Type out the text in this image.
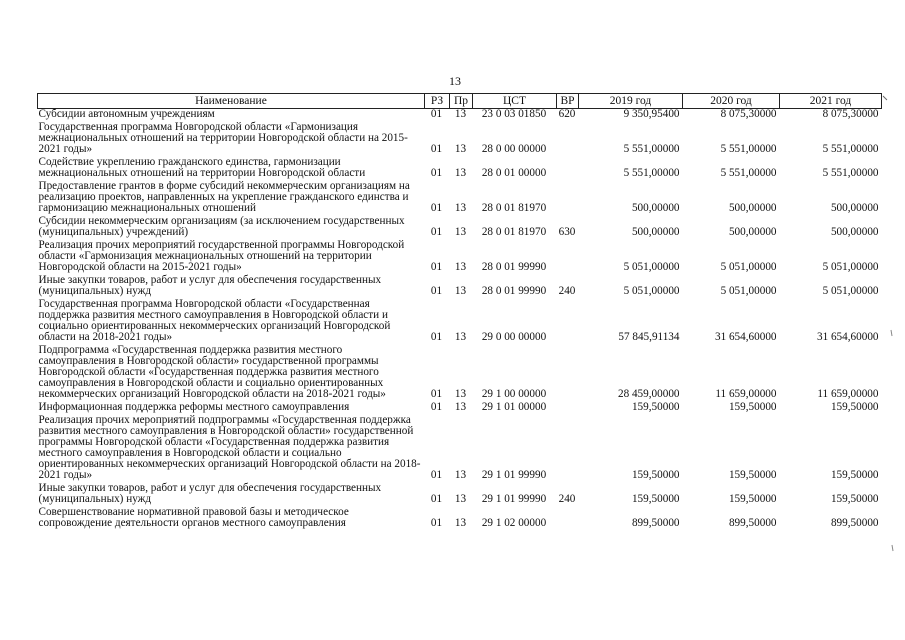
13
Наименование	РЗ	Пр	ЦСТ	ВР	2019 год	2020 год	2021 год
Субсидии автономным учреждениям	01	13	23 0 03 01850	620	9 350,95400	8 075,30000	8 075,30000
Государственная программа Новгородской области «Гармонизация межнациональных отношений на территории Новгородской области на 2015-2021 годы»	01	13	28 0 00 00000		5 551,00000	5 551,00000	5 551,00000
Содействие укреплению гражданского единства, гармонизации межнациональных отношений на территории Новгородской области	01	13	28 0 01 00000		5 551,00000	5 551,00000	5 551,00000
Предоставление грантов в форме субсидий некоммерческим организациям на реализацию проектов, направленных на укрепление гражданского единства и гармонизацию межнациональных отношений	01	13	28 0 01 81970		500,00000	500,00000	500,00000
Субсидии некоммерческим организациям (за исключением государственных (муниципальных) учреждений)	01	13	28 0 01 81970	630	500,00000	500,00000	500,00000
Реализация прочих мероприятий государственной программы Новгородской области «Гармонизация межнациональных отношений на территории Новгородской области на 2015-2021 годы»	01	13	28 0 01 99990		5 051,00000	5 051,00000	5 051,00000
Иные закупки товаров, работ и услуг для обеспечения государственных (муниципальных) нужд	01	13	28 0 01 99990	240	5 051,00000	5 051,00000	5 051,00000
Государственная программа Новгородской области «Государственная поддержка развития местного самоуправления в Новгородской области и социально ориентированных некоммерческих организаций Новгородской области на 2018-2021 годы»	01	13	29 0 00 00000		57 845,91134	31 654,60000	31 654,60000
Подпрограмма «Государственная поддержка развития местного самоуправления в Новгородской области» государственной программы Новгородской области «Государственная поддержка развития местного самоуправления в Новгородской области и социально ориентированных некоммерческих организаций Новгородской области на 2018-2021 годы»	01	13	29 1 00 00000		28 459,00000	11 659,00000	11 659,00000
Информационная поддержка реформы местного самоуправления	01	13	29 1 01 00000		159,50000	159,50000	159,50000
Реализация прочих мероприятий подпрограммы «Государственная поддержка развития местного самоуправления в Новгородской области» государственной программы Новгородской области «Государственная поддержка развития местного самоуправления в Новгородской области и социально ориентированных некоммерческих организаций Новгородской области на 2018-2021 годы»	01	13	29 1 01 99990		159,50000	159,50000	159,50000
Иные закупки товаров, работ и услуг для обеспечения государственных (муниципальных) нужд	01	13	29 1 01 99990	240	159,50000	159,50000	159,50000
Совершенствование нормативной правовой базы и методическое сопровождение деятельности органов местного самоуправления	01	13	29 1 02 00000		899,50000	899,50000	899,50000
